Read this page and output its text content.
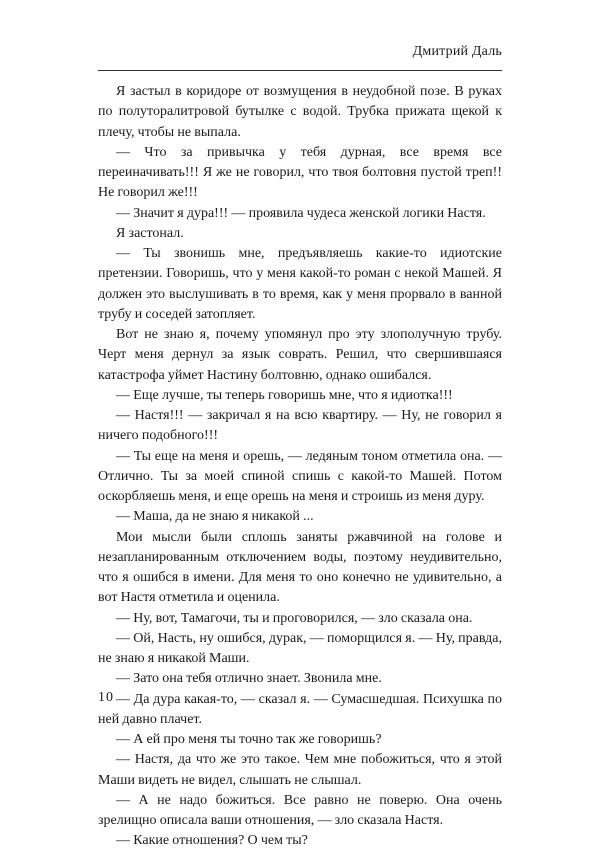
Дмитрий Даль

Я застыл в коридоре от возмущения в неудобной позе. В руках по полуторалитровой бутылке с водой. Трубка прижата щекой к плечу, чтобы не выпала.

— Что за привычка у тебя дурная, все время все переиначивать!!! Я же не говорил, что твоя болтовня пустой треп!! Не говорил же!!!

— Значит я дура!!! — проявила чудеса женской логики Настя.

Я застонал.

— Ты звонишь мне, предъявляешь какие-то идиотские претензии. Говоришь, что у меня какой-то роман с некой Машей. Я должен это выслушивать в то время, как у меня прорвало в ванной трубу и соседей затопляет.

Вот не знаю я, почему упомянул про эту злополучную трубу. Черт меня дернул за язык соврать. Решил, что свершившаяся катастрофа уймет Настину болтовню, однако ошибался.

— Еще лучше, ты теперь говоришь мне, что я идиотка!!!

— Настя!!! — закричал я на всю квартиру. — Ну, не говорил я ничего подобного!!!

— Ты еще на меня и орешь, — ледяным тоном отметила она. — Отлично. Ты за моей спиной спишь с какой-то Машей. Потом оскорбляешь меня, и еще орешь на меня и строишь из меня дуру.

— Маша, да не знаю я никакой ...

Мои мысли были сплошь заняты ржавчиной на голове и незапланированным отключением воды, поэтому неудивительно, что я ошибся в имени. Для меня то оно конечно не удивительно, а вот Настя отметила и оценила.

— Ну, вот, Тамагочи, ты и проговорился, — зло сказала она.

— Ой, Насть, ну ошибся, дурак, — поморщился я. — Ну, правда, не знаю я никакой Маши.

— Зато она тебя отлично знает. Звонила мне.

— Да дура какая-то, — сказал я. — Сумасшедшая. Психушка по ней давно плачет.

— А ей про меня ты точно так же говоришь?

— Настя, да что же это такое. Чем мне побожиться, что я этой Маши видеть не видел, слышать не слышал.

— А не надо божиться. Все равно не поверю. Она очень зрелищно описала ваши отношения, — зло сказала Настя.

— Какие отношения? О чем ты?

10
